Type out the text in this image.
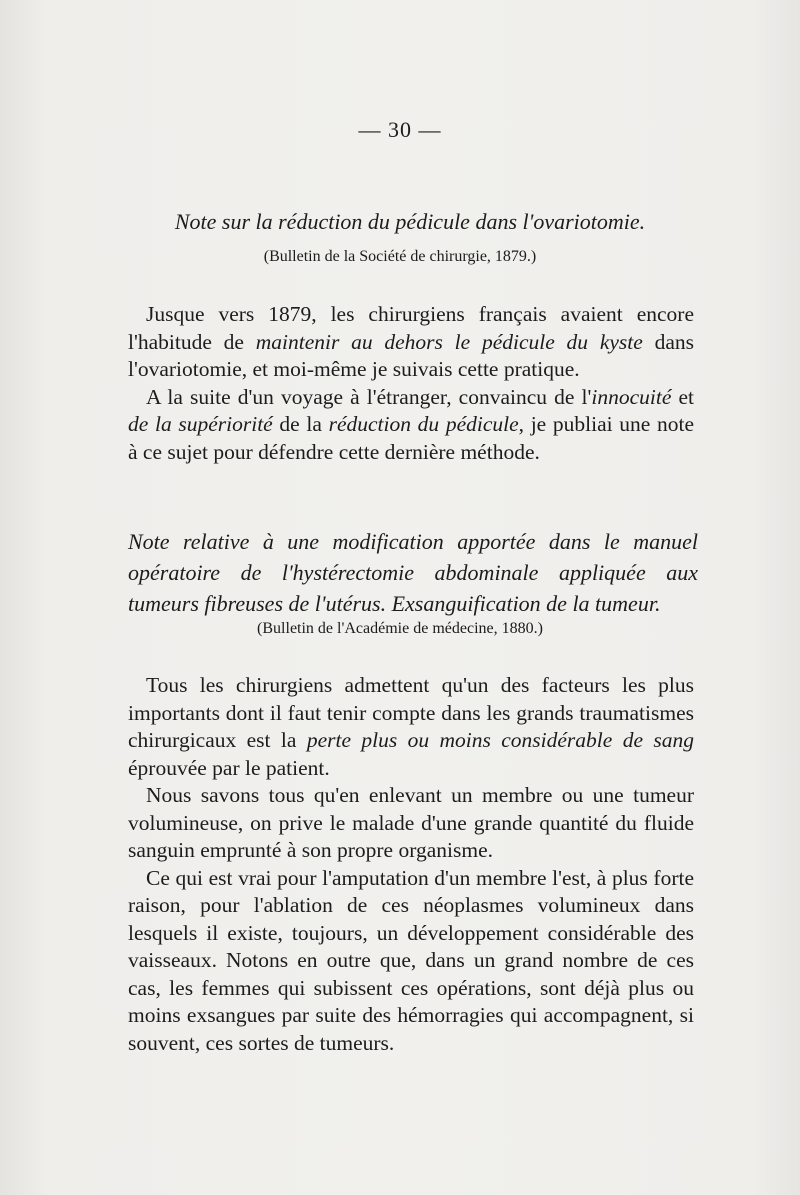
— 30 —
Note sur la réduction du pédicule dans l'ovariotomie.
(Bulletin de la Société de chirurgie, 1879.)

Jusque vers 1879, les chirurgiens français avaient encore l'habitude de maintenir au dehors le pédicule du kyste dans l'ovariotomie, et moi-même je suivais cette pratique.

A la suite d'un voyage à l'étranger, convaincu de l'innocuité et de la supériorité de la réduction du pédicule, je publiai une note à ce sujet pour défendre cette dernière méthode.

Note relative à une modification apportée dans le manuel opératoire de l'hystérectomie abdominale appliquée aux tumeurs fibreuses de l'utérus. Exsanguification de la tumeur.
(Bulletin de l'Académie de médecine, 1880.)

Tous les chirurgiens admettent qu'un des facteurs les plus importants dont il faut tenir compte dans les grands traumatismes chirurgicaux est la perte plus ou moins considérable de sang éprouvée par le patient.

Nous savons tous qu'en enlevant un membre ou une tumeur volumineuse, on prive le malade d'une grande quantité du fluide sanguin emprunté à son propre organisme.

Ce qui est vrai pour l'amputation d'un membre l'est, à plus forte raison, pour l'ablation de ces néoplasmes volumineux dans lesquels il existe, toujours, un développement considérable des vaisseaux. Notons en outre que, dans un grand nombre de ces cas, les femmes qui subissent ces opérations, sont déjà plus ou moins exsangues par suite des hémorragies qui accompagnent, si souvent, ces sortes de tumeurs.
